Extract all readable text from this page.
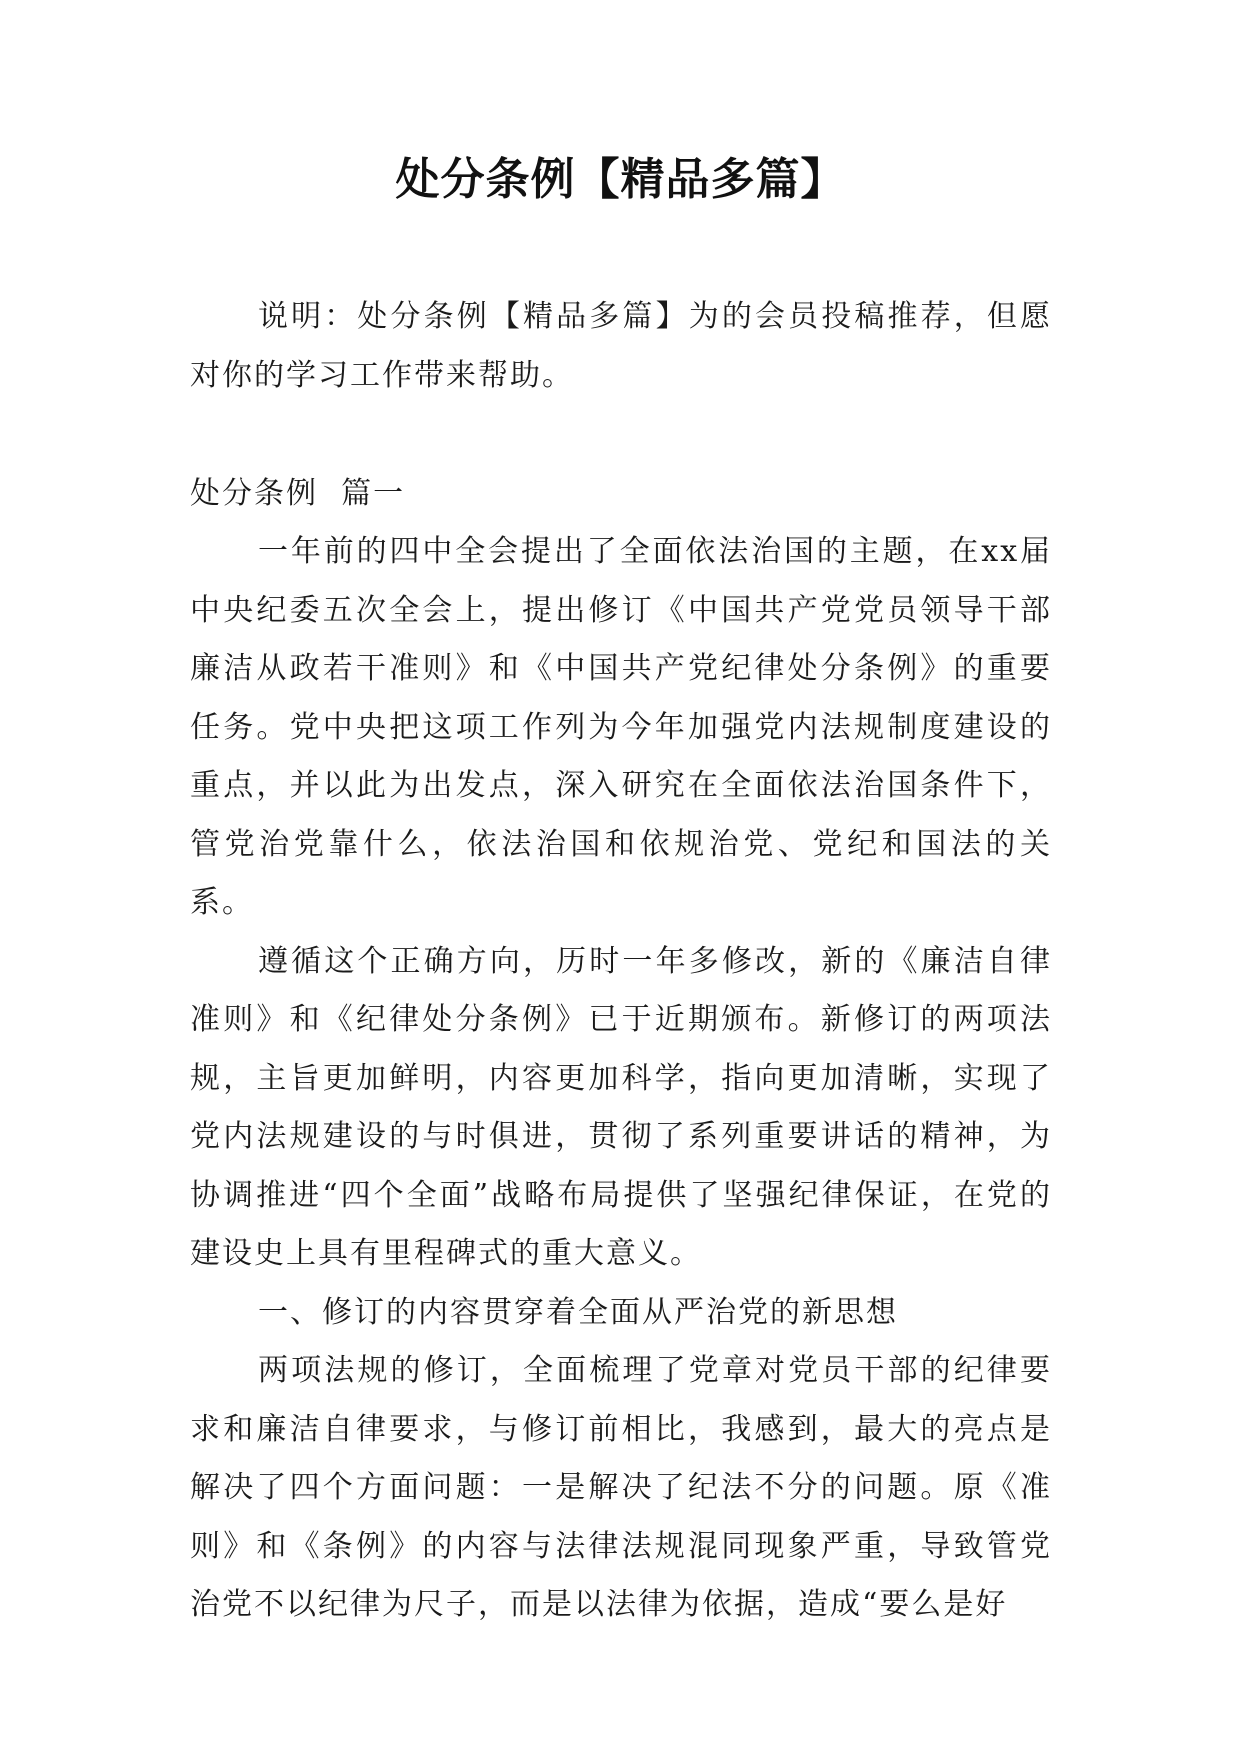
处分条例【精品多篇】

说明：处分条例【精品多篇】为的会员投稿推荐，但愿对你的学习工作带来帮助。

处分条例  篇一

一年前的四中全会提出了全面依法治国的主题，在xx届中央纪委五次全会上，提出修订《中国共产党党员领导干部廉洁从政若干准则》和《中国共产党纪律处分条例》的重要任务。党中央把这项工作列为今年加强党内法规制度建设的重点，并以此为出发点，深入研究在全面依法治国条件下，管党治党靠什么，依法治国和依规治党、党纪和国法的关系。

遵循这个正确方向，历时一年多修改，新的《廉洁自律准则》和《纪律处分条例》已于近期颁布。新修订的两项法规，主旨更加鲜明，内容更加科学，指向更加清晰，实现了党内法规建设的与时俱进，贯彻了系列重要讲话的精神，为协调推进“四个全面”战略布局提供了坚强纪律保证，在党的建设史上具有里程碑式的重大意义。

一、修订的内容贯穿着全面从严治党的新思想

两项法规的修订，全面梳理了党章对党员干部的纪律要求和廉洁自律要求，与修订前相比，我感到，最大的亮点是解决了四个方面问题：一是解决了纪法不分的问题。原《准则》和《条例》的内容与法律法规混同现象严重，导致管党治党不以纪律为尺子，而是以法律为依据，造成“要么是好
